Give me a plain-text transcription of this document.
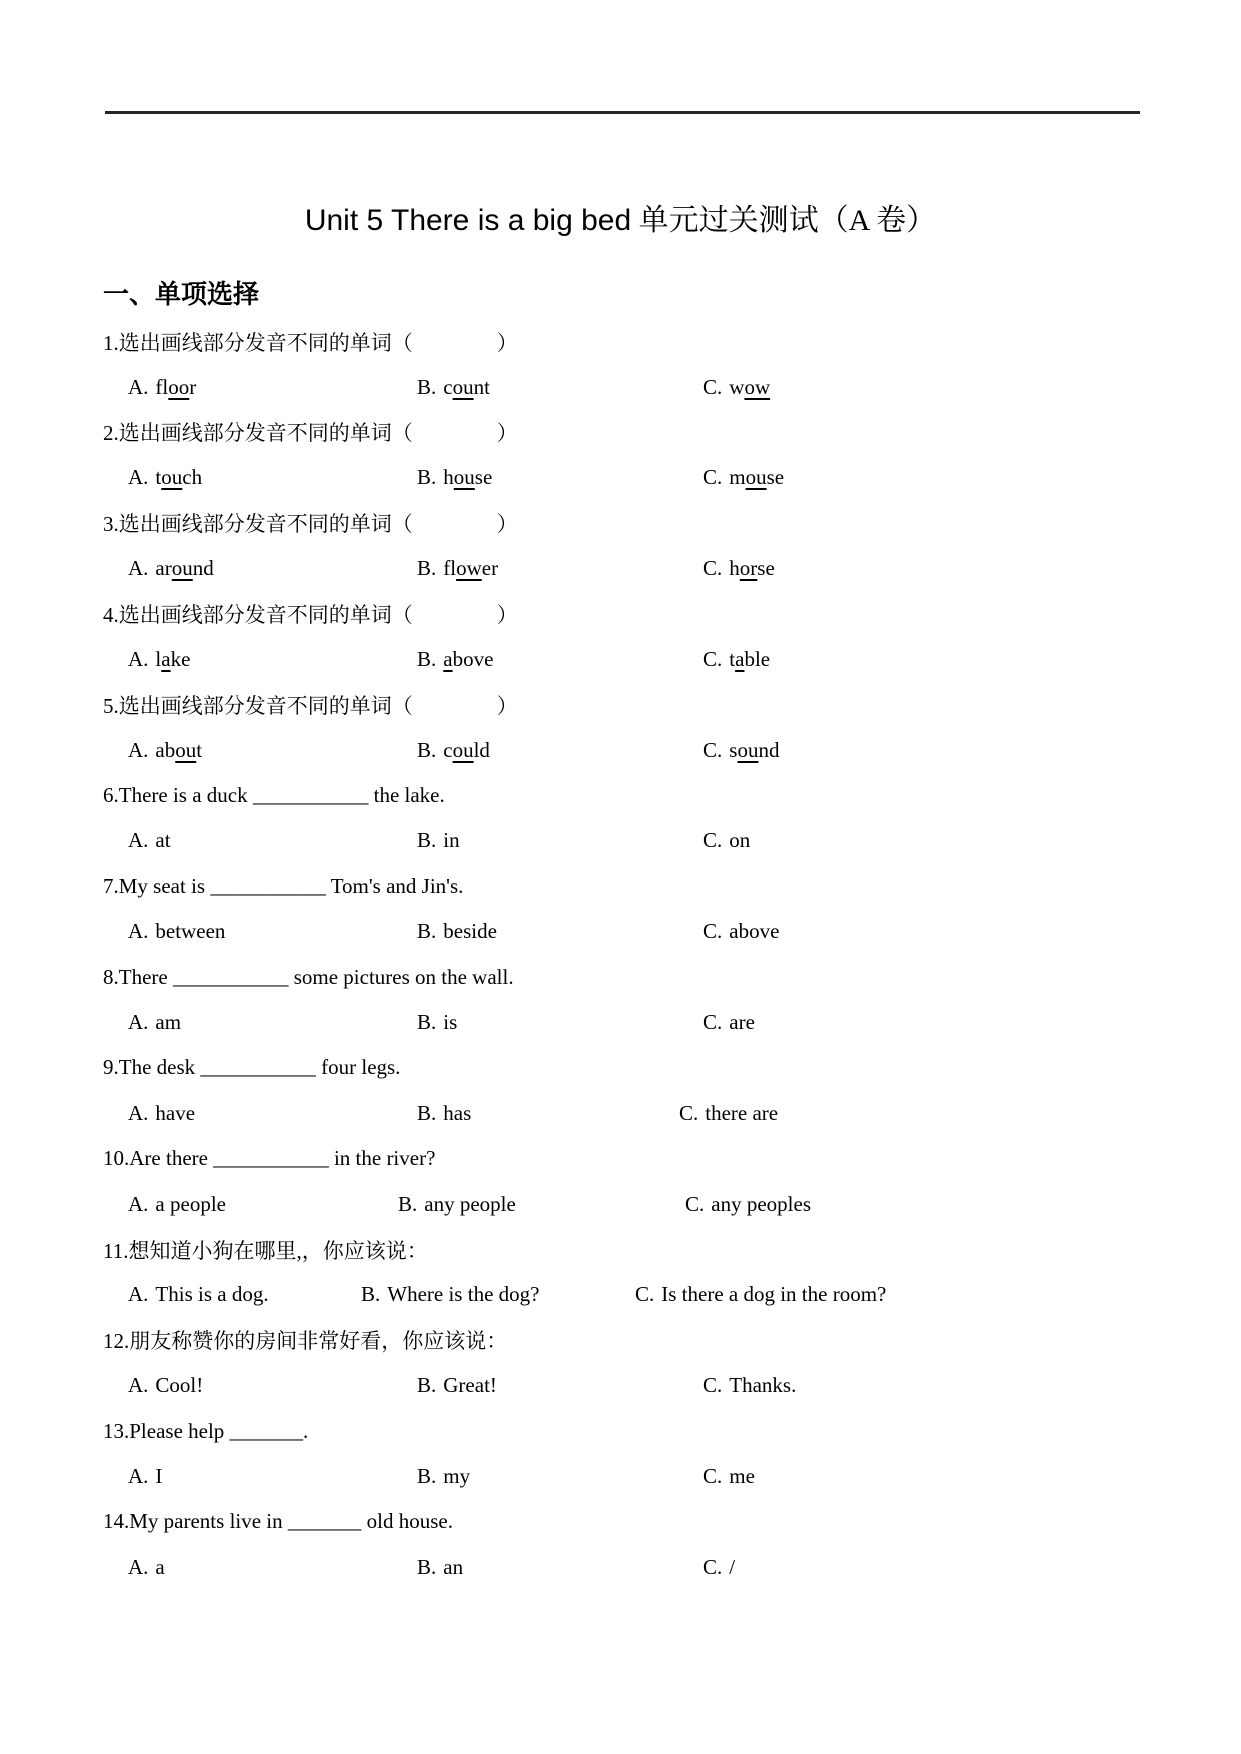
Unit 5 There is a big bed 单元过关测试（A 卷）
一、单项选择
1.选出画线部分发音不同的单词（                ）
A. floor	B. count	C. wow
2.选出画线部分发音不同的单词（                ）
A. touch	B. house	C. mouse
3.选出画线部分发音不同的单词（                ）
A. around	B. flower	C. horse
4.选出画线部分发音不同的单词（                ）
A. lake	B. above	C. table
5.选出画线部分发音不同的单词（                ）
A. about	B. could	C. sound
6.There is a duck ___________ the lake.
A. at	B. in	C. on
7.My seat is ___________ Tom's and Jin's.
A. between	B. beside	C. above
8.There ___________ some pictures on the wall.
A. am	B. is	C. are
9.The desk ___________ four legs.
A. have	B. has	C. there are
10.Are there ___________ in the river?
A. a people	B. any people	C. any peoples
11.想知道小狗在哪里,，你应该说：
A. This is a dog.	B. Where is the dog?	C. Is there a dog in the room?
12.朋友称赞你的房间非常好看，你应该说：
A. Cool!	B. Great!	C. Thanks.
13.Please help _______.
A. I	B. my	C. me
14.My parents live in _______ old house.
A. a	B. an	C. /
